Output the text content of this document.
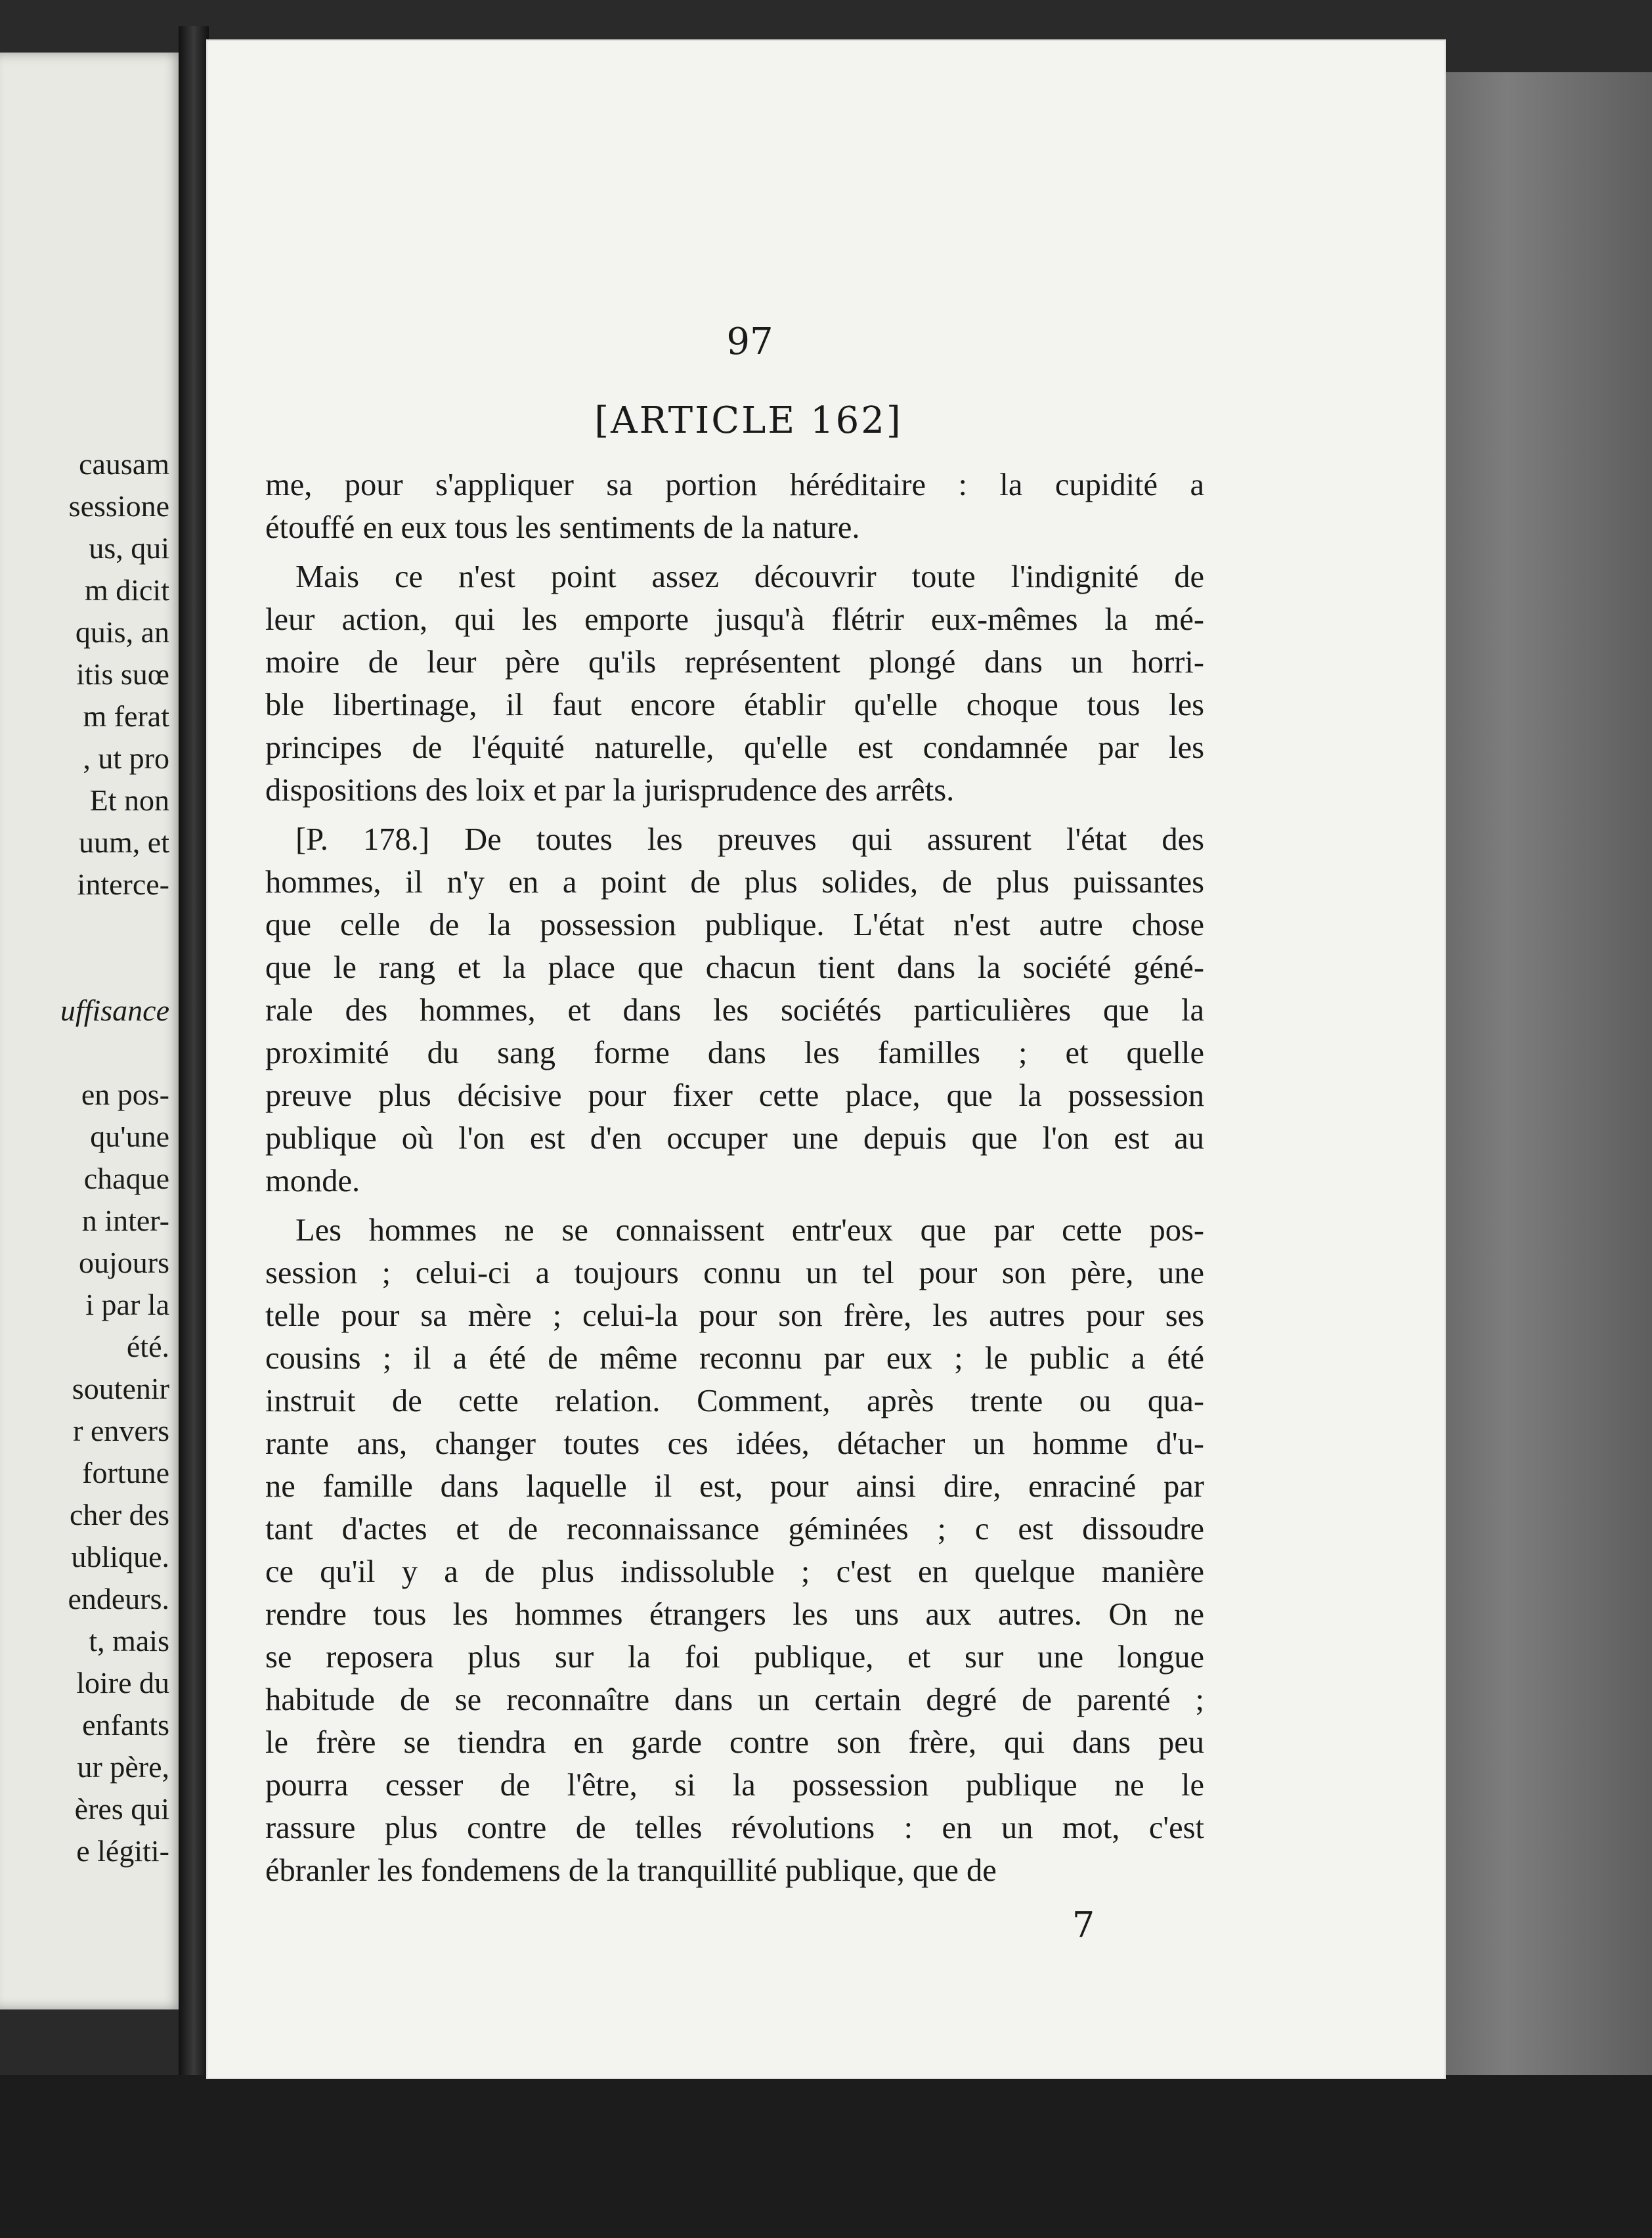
causam
sessione
us, qui
m dicit
quis, an
itis suœ
m ferat
, ut pro
Et non
uum, et
interce-
uffisance
en pos-
qu'une
chaque
n inter-
oujours
i par la
été.
soutenir
r envers
fortune
cher des
ublique.
endeurs.
t, mais
loire du
enfants
ur père,
ères qui
e légiti-
97
[ARTICLE 162]

me, pour s'appliquer sa portion héréditaire : la cupidité a
étouffé en eux tous les sentiments de la nature.

Mais ce n'est point assez découvrir toute l'indignité de
leur action, qui les emporte jusqu'à flétrir eux-mêmes la mé-
moire de leur père qu'ils représentent plongé dans un horri-
ble libertinage, il faut encore établir qu'elle choque tous les
principes de l'équité naturelle, qu'elle est condamnée par les
dispositions des loix et par la jurisprudence des arrêts.

[P. 178.] De toutes les preuves qui assurent l'état des
hommes, il n'y en a point de plus solides, de plus puissantes
que celle de la possession publique. L'état n'est autre chose
que le rang et la place que chacun tient dans la société géné-
rale des hommes, et dans les sociétés particulières que la
proximité du sang forme dans les familles ; et quelle
preuve plus décisive pour fixer cette place, que la possession
publique où l'on est d'en occuper une depuis que l'on est au
monde.

Les hommes ne se connaissent entr'eux que par cette pos-
session ; celui-ci a toujours connu un tel pour son père, une
telle pour sa mère ; celui-la pour son frère, les autres pour ses
cousins ; il a été de même reconnu par eux ; le public a été
instruit de cette relation. Comment, après trente ou qua-
rante ans, changer toutes ces idées, détacher un homme d'u-
ne famille dans laquelle il est, pour ainsi dire, enraciné par
tant d'actes et de reconnaissance géminées ; c est dissoudre
ce qu'il y a de plus indissoluble ; c'est en quelque manière
rendre tous les hommes étrangers les uns aux autres. On ne
se reposera plus sur la foi publique, et sur une longue
habitude de se reconnaître dans un certain degré de parenté ;
le frère se tiendra en garde contre son frère, qui dans peu
pourra cesser de l'être, si la possession publique ne le
rassure plus contre de telles révolutions : en un mot, c'est
ébranler les fondemens de la tranquillité publique, que de

7
